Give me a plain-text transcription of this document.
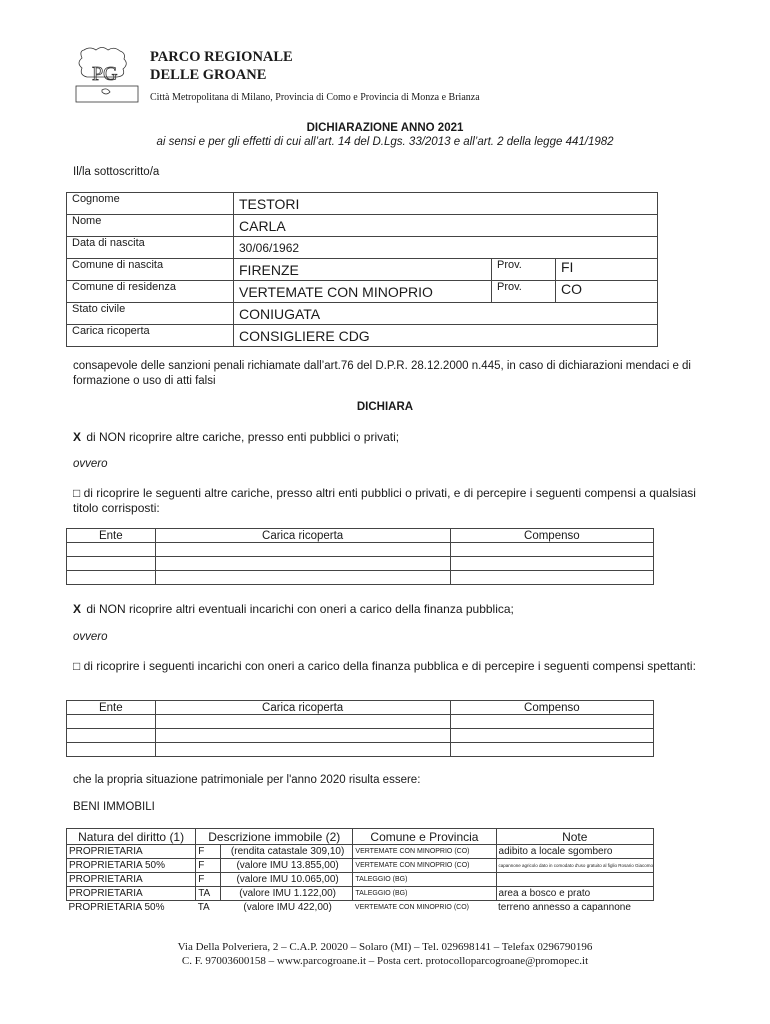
PG
PARCO REGIONALE
DELLE GROANE
Città Metropolitana di Milano, Provincia di Como e Provincia di Monza e Brianza
DICHIARAZIONE ANNO 2021
ai sensi e per gli effetti di cui all’art. 14 del D.Lgs. 33/2013 e all’art. 2 della legge 441/1982
Il/la sottoscritto/a
Cognome	TESTORI		
Nome	CARLA		
Data di nascita	30/06/1962		
Comune di nascita	FIRENZE	Prov.	FI
Comune di residenza	VERTEMATE CON MINOPRIO	Prov.	CO
Stato civile	CONIUGATA		
Carica ricoperta	CONSIGLIERE CDG		
consapevole delle sanzioni penali richiamate dall’art.76 del D.P.R. 28.12.2000 n.445, in caso di dichiarazioni mendaci e di formazione o uso di atti falsi
DICHIARA
X di NON ricoprire altre cariche, presso enti pubblici o privati;
ovvero
□ di ricoprire le seguenti altre cariche, presso altri enti pubblici o privati, e di percepire i seguenti compensi a qualsiasi titolo corrisposti:
Ente	Carica ricoperta	Compenso

X di NON ricoprire altri eventuali incarichi con oneri a carico della finanza pubblica;
ovvero
□ di ricoprire i seguenti incarichi con oneri a carico della finanza pubblica e di percepire i seguenti compensi spettanti:
Ente	Carica ricoperta	Compenso

che la propria situazione patrimoniale per l'anno 2020 risulta essere:
BENI IMMOBILI
Natura del diritto (1)	Descrizione immobile (2)		Comune e Provincia	Note
PROPRIETARIA	F	(rendita catastale 309,10)	VERTEMATE CON MINOPRIO (CO)	adibito a locale sgombero
PROPRIETARIA 50%	F	(valore IMU 13.855,00)	VERTEMATE CON MINOPRIO (CO)	capannone agricolo dato in comodato d'uso gratuito al figlio Rosario Giacomo
PROPRIETARIA	F	(valore IMU 10.065,00)	TALEGGIO (BG)	
PROPRIETARIA	TA	(valore IMU 1.122,00)	TALEGGIO (BG)	area a bosco e prato
PROPRIETARIA 50%	TA	(valore IMU 422,00)	VERTEMATE CON MINOPRIO (CO)	terreno annesso a capannone
Via Della Polveriera, 2 – C.A.P. 20020 – Solaro (MI) – Tel. 029698141 – Telefax 0296790196
C. F. 97003600158 – www.parcogroane.it – Posta cert. protocolloparcogroane@promopec.it
